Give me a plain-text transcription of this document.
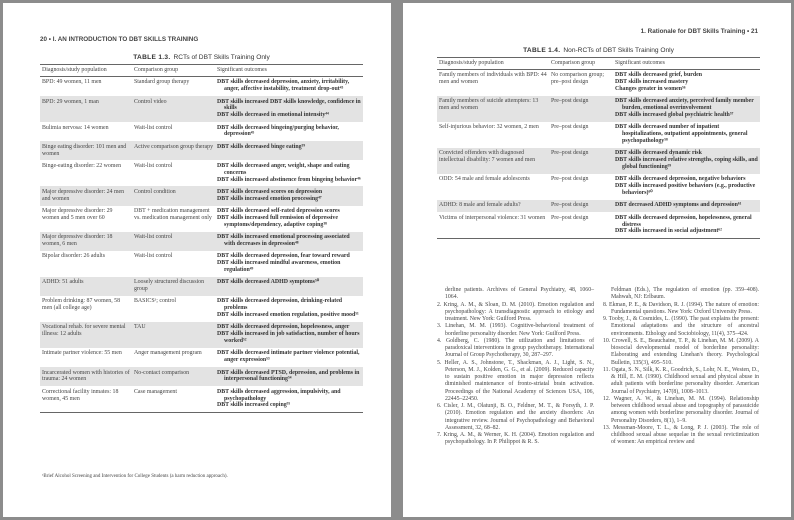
20 • I. AN INTRODUCTION TO DBT SKILLS TRAINING
TABLE 1.3. RCTs of DBT Skills Training Only
Diagnosis/study population	Comparison group	Significant outcomes
BPD: 49 women, 11 men	Standard group therapy	DBT skills decreased depression, anxiety, irritability, anger, affective instability, treatment drop-out⁴³

BPD: 29 women, 1 man	Control video	DBT skills increased DBT skills knowledge, confidence in skills
DBT skills decreased in emotional intensity⁴⁴

Bulimia nervosa: 14 women	Wait-list control	DBT skills decreased bingeing/purging behavior, depression⁴⁵

Binge eating disorder: 101 men and women	Active comparison group therapy	DBT skills decreased binge eating³⁹

Binge-eating disorder: 22 women	Wait-list control	DBT skills decreased anger, weight, shape and eating concerns
DBT skills increased abstinence from bingeing behavior⁴⁶

Major depressive disorder: 24 men and women	Control condition	DBT skills decreased scores on depression
DBT skills increased emotion processing⁴⁷

Major depressive disorder: 29 women and 5 men over 60	DBT + medication management vs. medication management only	DBT skills decreased self-rated depression scores
DBT skills increased full remission of depressive symptoms/dependency, adaptive coping³⁸

Major depressive disorder: 18 women, 6 men	Wait-list control	DBT skills increased emotional processing associated with decreases in depression⁴⁸

Bipolar disorder: 26 adults	Wait-list control	DBT skills decreased depression, fear toward reward
DBT skills increased mindful awareness, emotion regulation⁴⁹

ADHD: 51 adults	Loosely structured discussion group	DBT skills decreased ADHD symptoms⁵⁰

Problem drinking: 87 women, 58 men (all college age)	BASICSᵃ; control	DBT skills decreased depression, drinking-related problems
DBT skills increased emotion regulation, positive mood⁵¹

Vocational rehab. for severe mental illness: 12 adults	TAU	DBT skills decreased depression, hopelessness, anger
DBT skills increased in job satisfaction, number of hours worked⁵²

Intimate partner violence: 55 men	Anger management program	DBT skills decreased intimate partner violence potential, anger expression⁵³

Incarcerated women with histories of trauma: 24 women	No-contact comparison	DBT skills decreased PTSD, depression, and problems in interpersonal functioning⁵⁴

Correctional facility inmates: 18 women, 45 men	Case management	DBT skills decreased aggression, impulsivity, and psychopathology
DBT skills increased coping⁵⁵
ᵃBrief Alcohol Screening and Intervention for College Students (a harm reduction approach).
1. Rationale for DBT Skills Training • 21
TABLE 1.4. Non-RCTs of DBT Skills Training Only
Diagnosis/study population	Comparison group	Significant outcomes
Family members of individuals with BPD: 44 men and women	No comparison group; pre–post design	DBT skills decreased grief, burden
DBT skills increased mastery
Changes greater in women⁵⁶

Family members of suicide attempters: 13 men and women	Pre–post design	DBT skills decreased anxiety, perceived family member burden, emotional overinvolvement
DBT skills increased global psychiatric health⁵⁷

Self-injurious behavior: 32 women, 2 men	Pre–post design	DBT skills decreased number of inpatient hospitalizations, outpatient appointments, general psychopathology⁵⁸

Convicted offenders with diagnosed intellectual disability: 7 women and men	Pre–post design	DBT skills decreased dynamic risk
DBT skills increased relative strengths, coping skills, and global functioning⁵⁹

ODD: 54 male and female adolescents	Pre–post design	DBT skills decreased depression, negative behaviors
DBT skills increased positive behaviors (e.g., productive behaviors)⁶⁰

ADHD: 8 male and female adults?	Pre–post design	DBT decreased ADHD symptoms and depression⁶¹

Victims of interpersonal violence: 31 women	Pre–post design	DBT skills decreased depression, hopelessness, general distress
DBT skills increased in social adjustment⁶²
derline patients. Archives of General Psychiatry, 48, 1060–1064.
2. Kring, A. M., & Sloan, D. M. (2010). Emotion regulation and psychopathology: A transdiagnostic approach to etiology and treatment. New York: Guilford Press.
3. Linehan, M. M. (1993). Cognitive-behavioral treatment of borderline personality disorder. New York: Guilford Press.
4. Goldberg, C. (1980). The utilization and limitations of paradoxical interventions in group psychotherapy. International Journal of Group Psychotherapy, 30, 287–297.
5. Heller, A. S., Johnstone, T., Shackman, A. J., Light, S. N., Peterson, M. J., Kolden, G. G., et al. (2009). Reduced capacity to sustain positive emotion in major depression reflects diminished maintenance of fronto-striatal brain activation. Proceedings of the National Academy of Sciences USA, 106, 22445–22450.
6. Cisler, J. M., Olatunji, B. O., Feldner, M. T., & Forsyth, J. P. (2010). Emotion regulation and the anxiety disorders: An integrative review. Journal of Psychopathology and Behavioral Assessment, 32, 68–82.
7. Kring, A. M., & Werner, K. H. (2004). Emotion regulation and psychopathology. In P. Philippot & R. S.
Feldman (Eds.), The regulation of emotion (pp. 359–408). Mahwah, NJ: Erlbaum.
8. Ekman, P. E., & Davidson, R. J. (1994). The nature of emotion: Fundamental questions. New York: Oxford University Press.
9. Tooby, J., & Cosmides, L. (1990). The past explains the present: Emotional adaptations and the structure of ancestral environments. Ethology and Sociobiology, 11(4), 375–424.
10. Crowell, S. E., Beauchaine, T. P., & Linehan, M. M. (2009). A biosocial developmental model of borderline personality: Elaborating and extending Linehan's theory. Psychological Bulletin, 135(3), 495–510.
11. Ogata, S. N., Silk, K. R., Goodrich, S., Lohr, N. E., Westen, D., & Hill, E. M. (1990). Childhood sexual and physical abuse in adult patients with borderline personality disorder. American Journal of Psychiatry, 147(8), 1008–1013.
12. Wagner, A. W., & Linehan, M. M. (1994). Relationship between childhood sexual abuse and topography of parasuicide among women with borderline personality disorder. Journal of Personality Disorders, 8(1), 1–9.
13. Messman-Moore, T. L., & Long, P. J. (2003). The role of childhood sexual abuse sequelae in the sexual revictimization of women: An empirical review and
